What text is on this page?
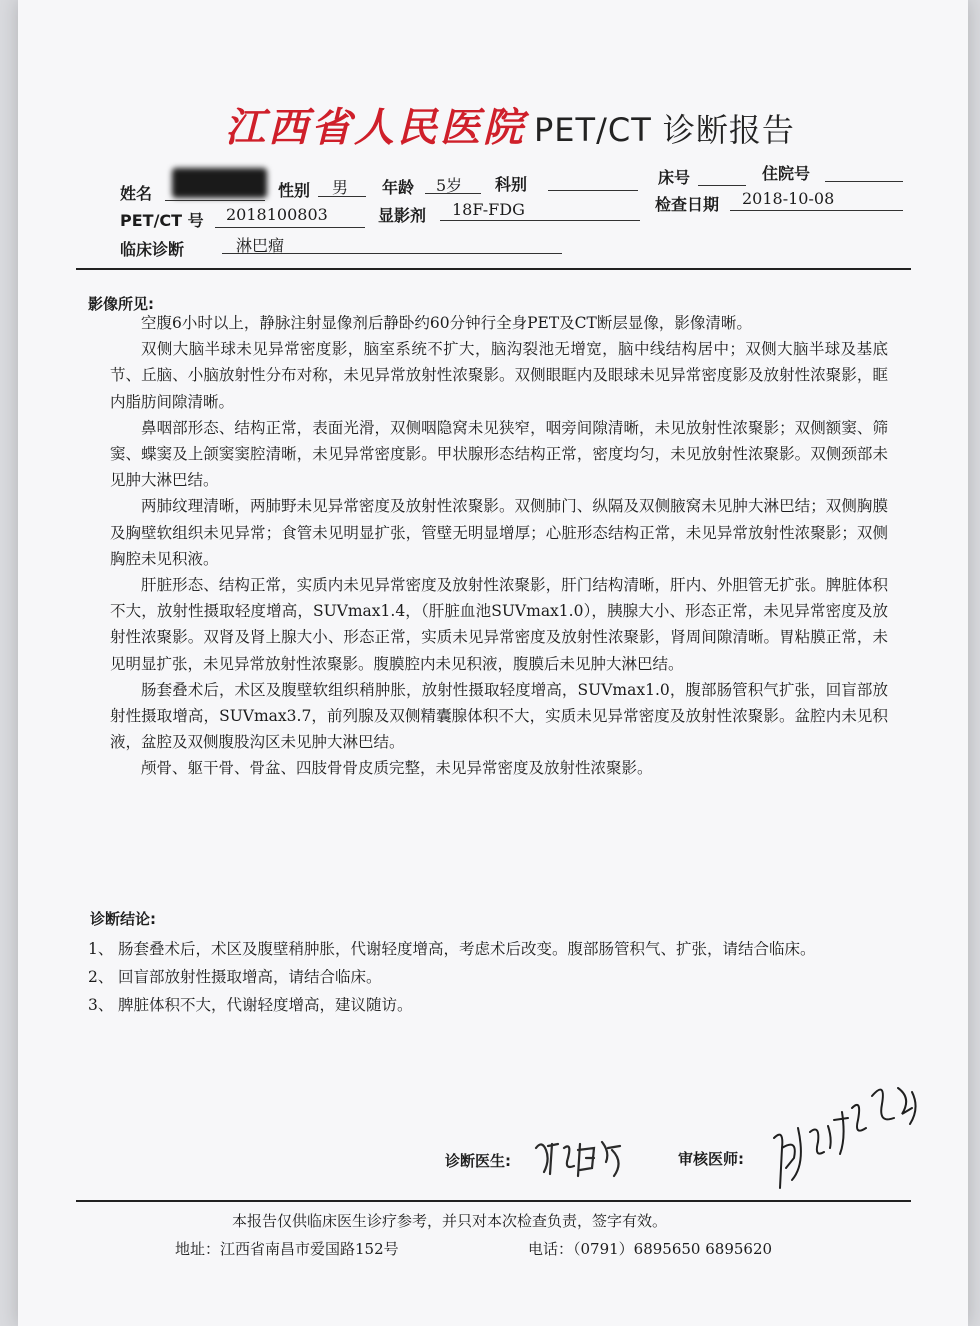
江西省人民医院 PET/CT 诊断报告
姓名	性别 男 年龄 5岁 科别	床号	住院号
PET/CT 号 2018100803	显影剂 18F-FDG	检查日期 2018-10-08
临床诊断	淋巴瘤
影像所见:

空腹6小时以上，静脉注射显像剂后静卧约60分钟行全身PET及CT断层显像，影像清晰。

双侧大脑半球未见异常密度影，脑室系统不扩大，脑沟裂池无增宽，脑中线结构居中；双侧大脑半球及基底节、丘脑、小脑放射性分布对称，未见异常放射性浓聚影。双侧眼眶内及眼球未见异常密度影及放射性浓聚影，眶内脂肪间隙清晰。

鼻咽部形态、结构正常，表面光滑，双侧咽隐窝未见狭窄，咽旁间隙清晰，未见放射性浓聚影；双侧额窦、筛窦、蝶窦及上颌窦窦腔清晰，未见异常密度影。甲状腺形态结构正常，密度均匀，未见放射性浓聚影。双侧颈部未见肿大淋巴结。

两肺纹理清晰，两肺野未见异常密度及放射性浓聚影。双侧肺门、纵隔及双侧腋窝未见肿大淋巴结；双侧胸膜及胸壁软组织未见异常；食管未见明显扩张，管壁无明显增厚；心脏形态结构正常，未见异常放射性浓聚影；双侧胸腔未见积液。

肝脏形态、结构正常，实质内未见异常密度及放射性浓聚影，肝门结构清晰，肝内、外胆管无扩张。脾脏体积不大，放射性摄取轻度增高，SUVmax1.4，（肝脏血池SUVmax1.0），胰腺大小、形态正常，未见异常密度及放射性浓聚影。双肾及肾上腺大小、形态正常，实质未见异常密度及放射性浓聚影，肾周间隙清晰。胃粘膜正常，未见明显扩张，未见异常放射性浓聚影。腹膜腔内未见积液，腹膜后未见肿大淋巴结。

肠套叠术后，术区及腹壁软组织稍肿胀，放射性摄取轻度增高，SUVmax1.0，腹部肠管积气扩张，回盲部放射性摄取增高，SUVmax3.7，前列腺及双侧精囊腺体积不大，实质未见异常密度及放射性浓聚影。盆腔内未见积液，盆腔及双侧腹股沟区未见肿大淋巴结。

颅骨、躯干骨、骨盆、四肢骨骨皮质完整，未见异常密度及放射性浓聚影。

诊断结论:
1、 肠套叠术后，术区及腹壁稍肿胀，代谢轻度增高，考虑术后改变。腹部肠管积气、扩张，请结合临床。
2、 回盲部放射性摄取增高，请结合临床。
3、 脾脏体积不大，代谢轻度增高，建议随访。
诊断医生:	审核医师:
本报告仅供临床医生诊疗参考，并只对本次检查负责，签字有效。
地址：江西省南昌市爱国路152号	电话：（0791）6895650 6895620
